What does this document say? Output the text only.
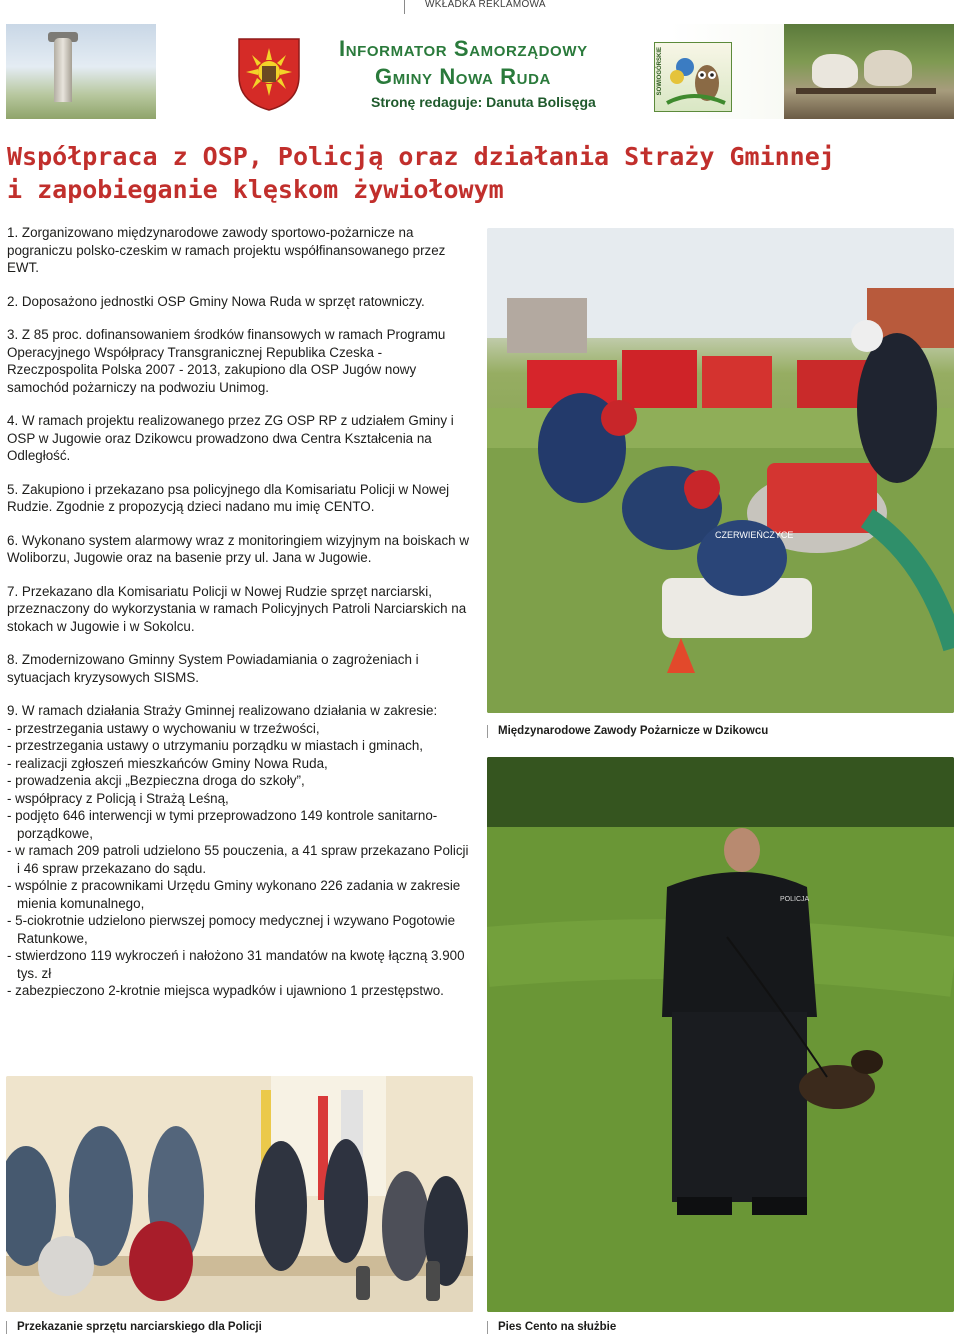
WKŁADKA REKLAMOWA
Informator Samorządowy
Gminy Nowa Ruda
Stronę redaguje: Danuta Bolisęga
SOWIOGÓRSKIE
Współpraca z OSP, Policją oraz działania Straży Gminnej i zapobieganie klęskom żywiołowym

1. Zorganizowano międzynarodowe zawody sportowo-pożarnicze na pograniczu polsko-czeskim w ramach projektu współfinansowanego przez EWT.

2. Doposażono jednostki OSP Gminy Nowa Ruda w sprzęt ratowniczy.

3. Z 85 proc. dofinansowaniem środków finansowych w ramach Programu Operacyjnego Współpracy Transgranicznej Republika Czeska - Rzeczpospolita Polska 2007 - 2013, zakupiono dla OSP Jugów nowy samochód pożarniczy na podwoziu Unimog.

4. W ramach projektu realizowanego przez ZG OSP RP z udziałem Gminy i OSP w Jugowie oraz Dzikowcu prowadzono dwa Centra Kształcenia na Odległość.

5. Zakupiono i przekazano psa policyjnego dla Komisariatu Policji w Nowej Rudzie. Zgodnie z propozycją dzieci nadano mu imię CENTO.

6. Wykonano system alarmowy wraz z monitoringiem wizyjnym na boiskach w Woliborzu, Jugowie oraz na basenie przy ul. Jana w Jugowie.

7. Przekazano dla Komisariatu Policji w Nowej Rudzie sprzęt narciarski, przeznaczony do wykorzystania w ramach Policyjnych Patroli Narciarskich na stokach w Jugowie i w Sokolcu.

8. Zmodernizowano Gminny System Powiadamiania o zagrożeniach i sytuacjach kryzysowych SISMS.

9. W ramach działania Straży Gminnej realizowano działania w zakresie:
- przestrzegania ustawy o wychowaniu w trzeźwości,
- przestrzegania ustawy o utrzymaniu porządku w miastach i gminach,
- realizacji zgłoszeń mieszkańców Gminy Nowa Ruda,
- prowadzenia akcji „Bezpieczna droga do szkoły”,
- współpracy z Policją i Strażą Leśną,
- podjęto 646 interwencji w tymi przeprowadzono 149 kontrole sanitarno-porządkowe,
- w ramach 209 patroli udzielono 55 pouczenia, a 41 spraw przekazano Policji i 46 spraw przekazano do sądu.
- wspólnie z pracownikami Urzędu Gminy wykonano 226 zadania w zakresie mienia komunalnego,
- 5-ciokrotnie udzielono pierwszej pomocy medycznej i wzywano Pogotowie Ratunkowe,
- stwierdzono 119 wykroczeń i nałożono 31 mandatów na kwotę łączną 3.900 tys. zł
- zabezpieczono 2-krotnie miejsca wypadków i ujawniono 1 przestępstwo.
CZERWIEŃCZYCE
Międzynarodowe Zawody Pożarnicze w Dzikowcu
POLICJA
Pies Cento na służbie
Przekazanie sprzętu narciarskiego dla Policji
